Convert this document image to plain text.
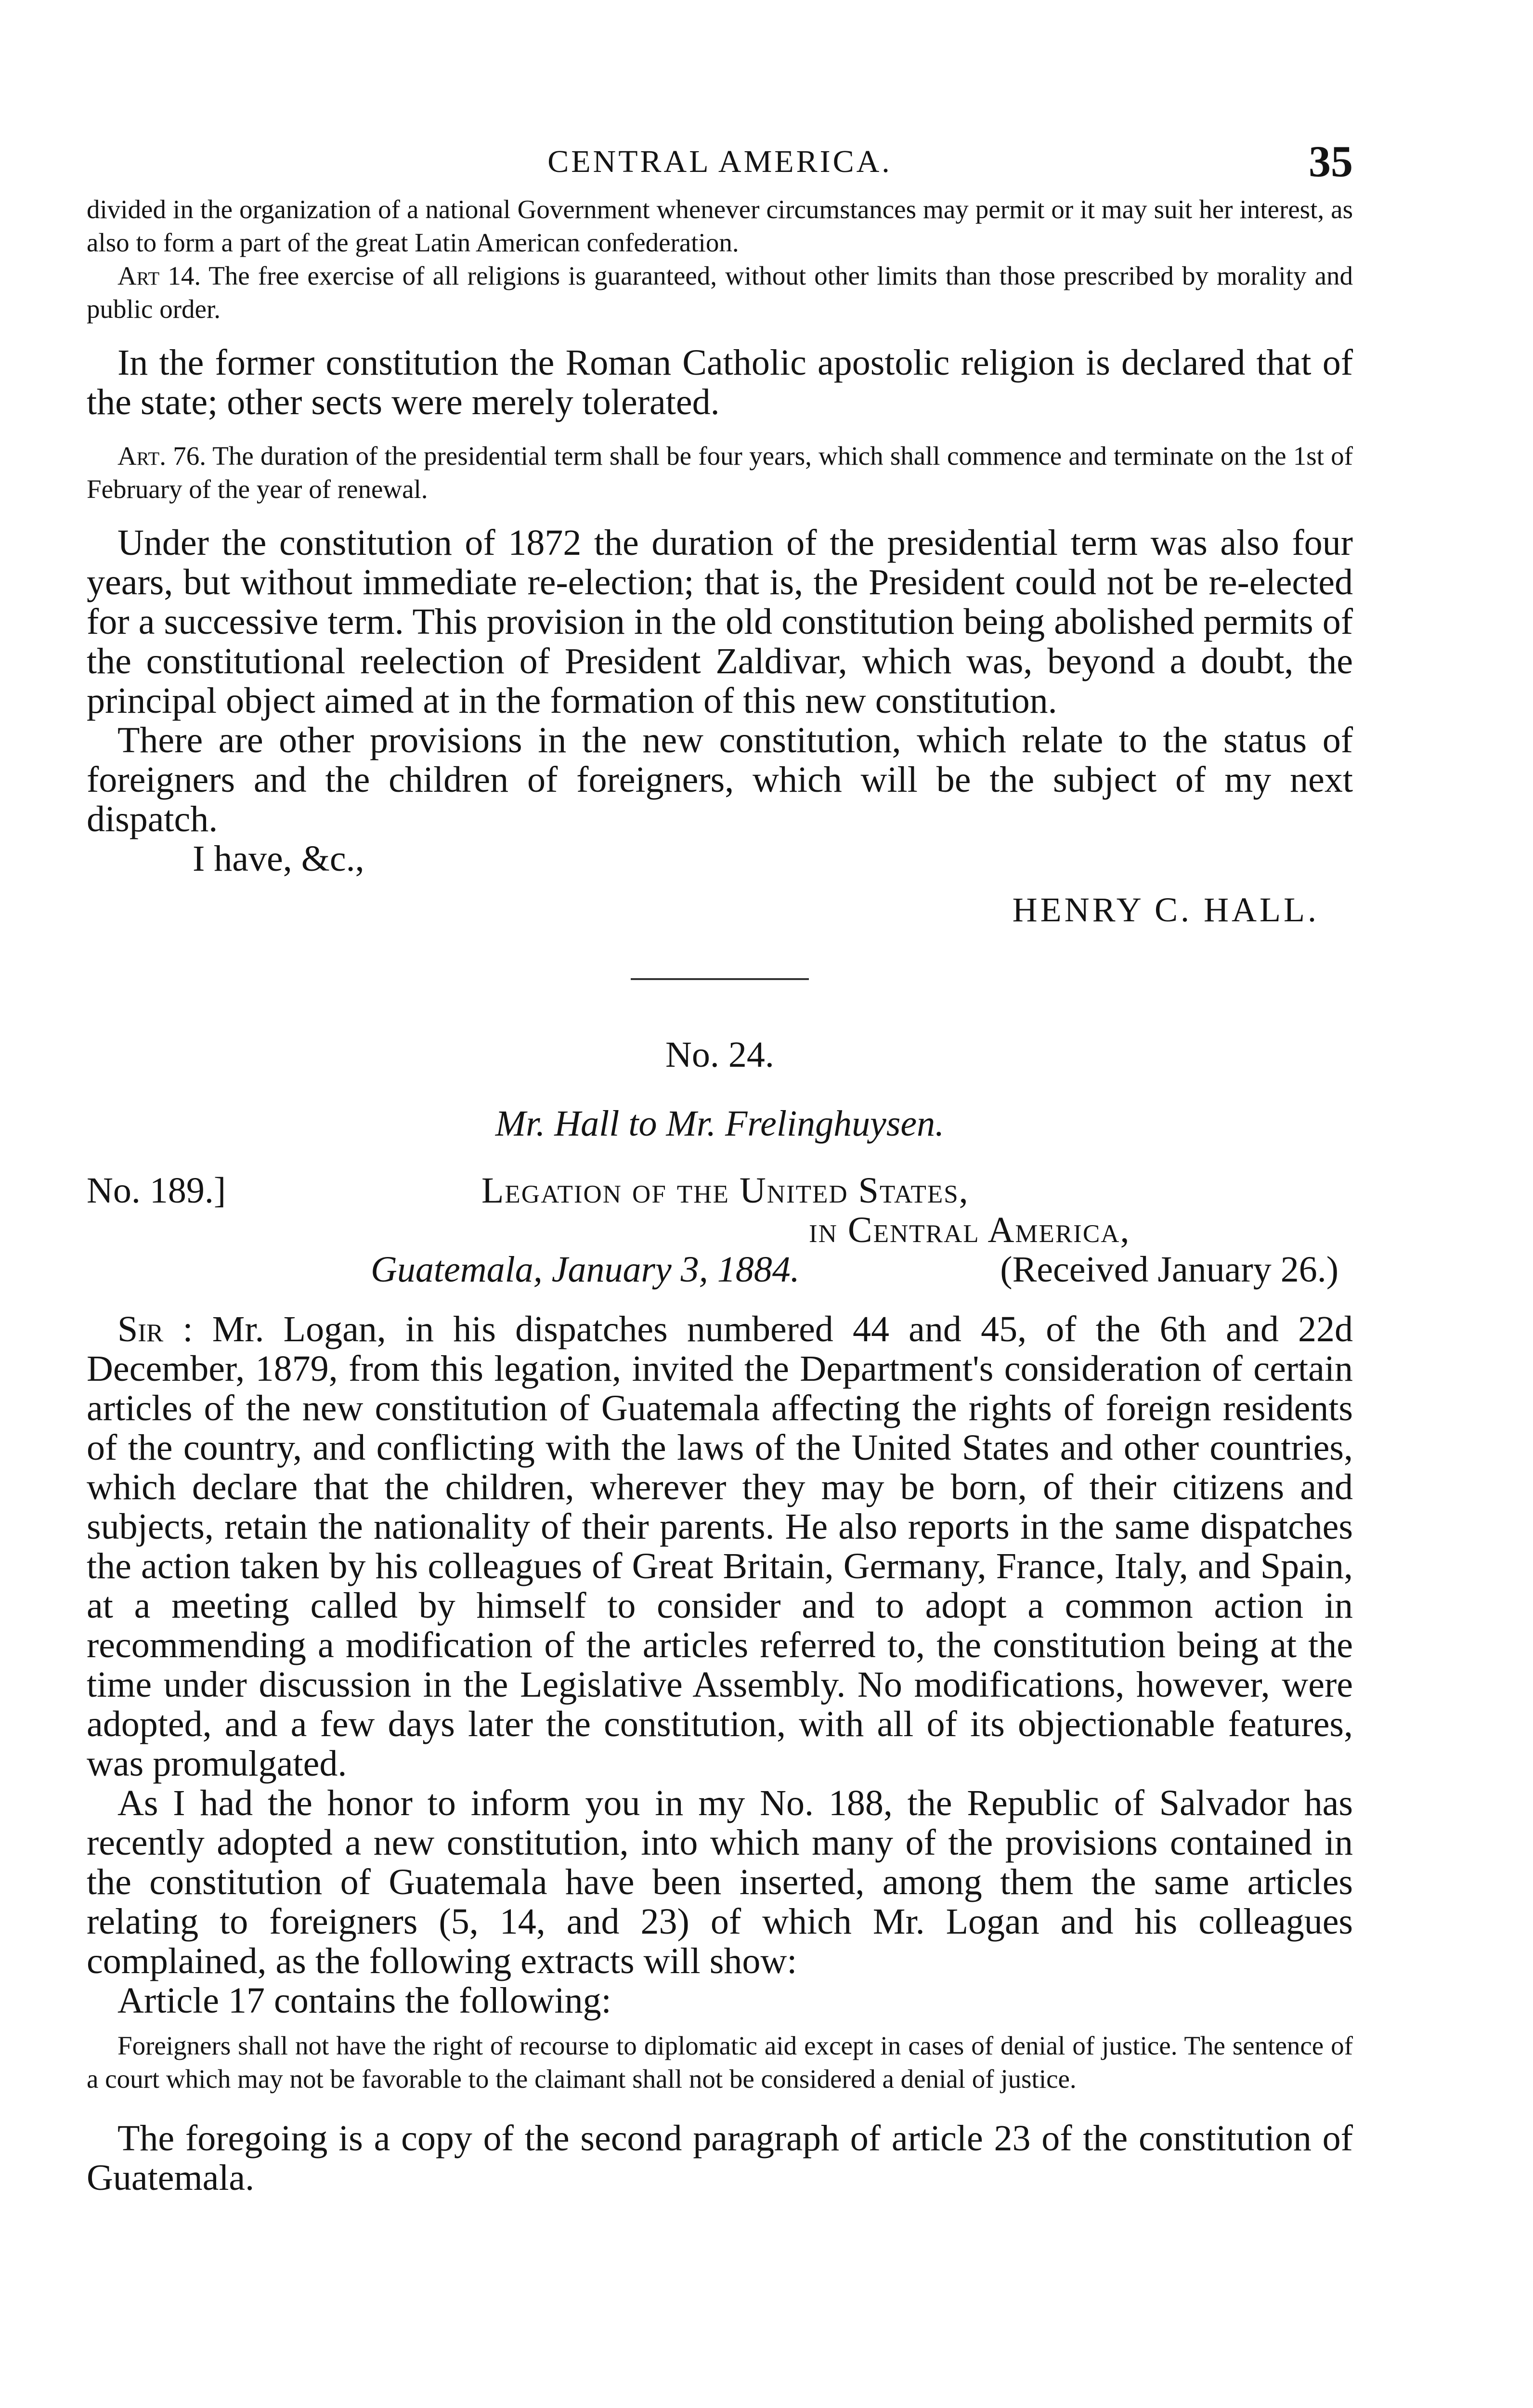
CENTRAL AMERICA.	35

divided in the organization of a national Government whenever circumstances may permit or it may suit her interest, as also to form a part of the great Latin American confederation.

Art 14. The free exercise of all religions is guaranteed, without other limits than those prescribed by morality and public order.

In the former constitution the Roman Catholic apostolic religion is declared that of the state; other sects were merely tolerated.

Art. 76. The duration of the presidential term shall be four years, which shall commence and terminate on the 1st of February of the year of renewal.

Under the constitution of 1872 the duration of the presidential term was also four years, but without immediate re-election; that is, the President could not be re-elected for a successive term. This provision in the old constitution being abolished permits of the constitutional reelection of President Zaldivar, which was, beyond a doubt, the principal object aimed at in the formation of this new constitution.

There are other provisions in the new constitution, which relate to the status of foreigners and the children of foreigners, which will be the subject of my next dispatch.

I have, &c.,

HENRY C. HALL.

No. 24.
Mr. Hall to Mr. Frelinghuysen.
No. 189.]	Legation of the United States,
in Central America,
Guatemala, January 3, 1884.	(Received January 26.)

Sir : Mr. Logan, in his dispatches numbered 44 and 45, of the 6th and 22d December, 1879, from this legation, invited the Department's consideration of certain articles of the new constitution of Guatemala affecting the rights of foreign residents of the country, and conflicting with the laws of the United States and other countries, which declare that the children, wherever they may be born, of their citizens and subjects, retain the nationality of their parents. He also reports in the same dispatches the action taken by his colleagues of Great Britain, Germany, France, Italy, and Spain, at a meeting called by himself to consider and to adopt a common action in recommending a modification of the articles referred to, the constitution being at the time under discussion in the Legislative Assembly. No modifications, however, were adopted, and a few days later the constitution, with all of its objectionable features, was promulgated.

As I had the honor to inform you in my No. 188, the Republic of Salvador has recently adopted a new constitution, into which many of the provisions contained in the constitution of Guatemala have been inserted, among them the same articles relating to foreigners (5, 14, and 23) of which Mr. Logan and his colleagues complained, as the following extracts will show:

Article 17 contains the following:

Foreigners shall not have the right of recourse to diplomatic aid except in cases of denial of justice. The sentence of a court which may not be favorable to the claimant shall not be considered a denial of justice.

The foregoing is a copy of the second paragraph of article 23 of the constitution of Guatemala.
